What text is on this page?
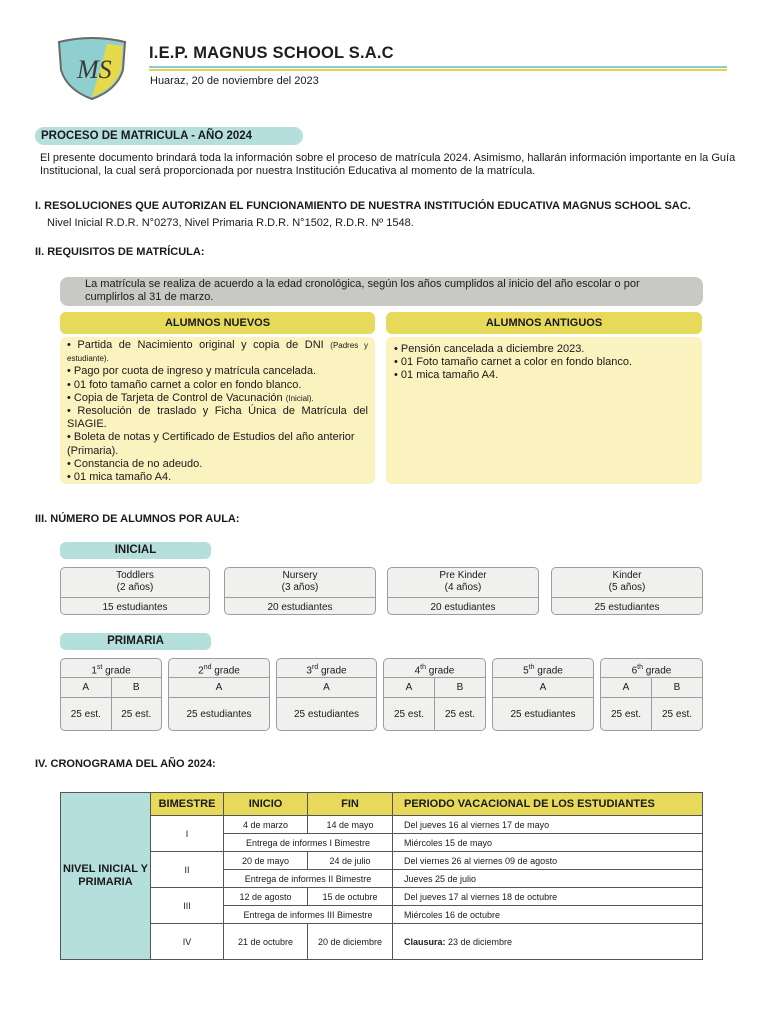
MS
I.E.P. MAGNUS SCHOOL S.A.C
Huaraz, 20 de noviembre del 2023
PROCESO DE MATRICULA - AÑO 2024
El presente documento brindará toda la información sobre el proceso de matrícula 2024. Asimismo, hallarán información importante en la Guía Institucional, la cual será proporcionada por nuestra Institución Educativa al momento de la matrícula.
I. RESOLUCIONES QUE AUTORIZAN EL FUNCIONAMIENTO DE NUESTRA INSTITUCIÓN EDUCATIVA MAGNUS SCHOOL SAC.
Nivel Inicial R.D.R. N°0273, Nivel Primaria R.D.R. N°1502, R.D.R. Nº 1548.
II. REQUISITOS DE MATRÍCULA:
La matrícula se realiza de acuerdo a la edad cronológica, según los años cumplidos al inicio del año escolar o por cumplirlos al 31 de marzo.
ALUMNOS NUEVOS	ALUMNOS ANTIGUOS
• Partida de Nacimiento original y copia de DNI (Padres y estudiante).
• Pago por cuota de ingreso y matrícula cancelada.
• 01 foto tamaño carnet a color en fondo blanco.
• Copia de Tarjeta de Control de Vacunación (Inicial).
• Resolución de traslado y Ficha Única de Matrícula del SIAGIE.
• Boleta de notas y Certificado de Estudios del año anterior (Primaria).
• Constancia de no adeudo.
• 01 mica tamaño A4.
• Pensión cancelada a diciembre 2023.
• 01 Foto tamaño carnet a color en fondo blanco.
• 01 mica tamaño A4.
III. NÚMERO DE ALUMNOS POR AULA:
INICIAL
Toddlers
(2 años)
15 estudiantes
Nursery
(3 años)
20 estudiantes
Pre Kinder
(4 años)
20 estudiantes
Kinder
(5 años)
25 estudiantes
PRIMARIA
1st grade
A	B
25 est.	25 est.
2nd grade
A
25 estudiantes
3rd grade
A
25 estudiantes
4th grade
A	B
25 est.	25 est.
5th grade
A
25 estudiantes
6th grade
A	B
25 est.	25 est.
IV. CRONOGRAMA DEL AÑO 2024:
NIVEL INICIAL Y PRIMARIA	BIMESTRE	INICIO	FIN	PERIODO VACACIONAL DE LOS ESTUDIANTES
	I	4 de marzo	14 de mayo	Del jueves 16 al viernes 17 de mayo
		Entrega de informes I Bimestre		Miércoles 15 de mayo
	II	20 de mayo	24 de julio	Del viernes 26 al viernes 09 de agosto
		Entrega de informes II Bimestre		Jueves 25 de julio
	III	12 de agosto	15 de octubre	Del jueves 17 al viernes 18 de octubre
		Entrega de informes III Bimestre		Miércoles 16 de octubre
	IV	21 de octubre	20 de diciembre	Clausura: 23 de diciembre
